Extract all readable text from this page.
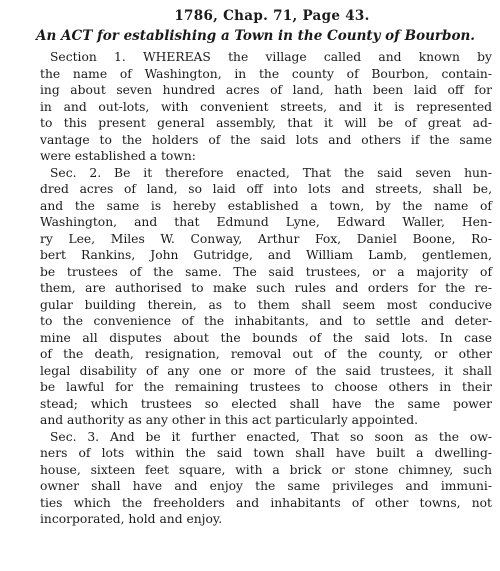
1786, Chap. 71, Page 43.
An ACT for establishing a Town in the County of Bourbon.
Section 1. WHEREAS the village called and known by
the name of Washington, in the county of Bourbon, contain-
ing about seven hundred acres of land, hath been laid off for
in and out-lots, with convenient streets, and it is represented
to this present general assembly, that it will be of great ad-
vantage to the holders of the said lots and others if the same
were established a town:
Sec. 2. Be it therefore enacted, That the said seven hun-
dred acres of land, so laid off into lots and streets, shall be,
and the same is hereby established a town, by the name of
Washington, and that Edmund Lyne, Edward Waller, Hen-
ry Lee, Miles W. Conway, Arthur Fox, Daniel Boone, Ro-
bert Rankins, John Gutridge, and William Lamb, gentlemen,
be trustees of the same. The said trustees, or a majority of
them, are authorised to make such rules and orders for the re-
gular building therein, as to them shall seem most conducive
to the convenience of the inhabitants, and to settle and deter-
mine all disputes about the bounds of the said lots. In case
of the death, resignation, removal out of the county, or other
legal disability of any one or more of the said trustees, it shall
be lawful for the remaining trustees to choose others in their
stead; which trustees so elected shall have the same power
and authority as any other in this act particularly appointed.
Sec. 3. And be it further enacted, That so soon as the ow-
ners of lots within the said town shall have built a dwelling-
house, sixteen feet square, with a brick or stone chimney, such
owner shall have and enjoy the same privileges and immuni-
ties which the freeholders and inhabitants of other towns, not
incorporated, hold and enjoy.
